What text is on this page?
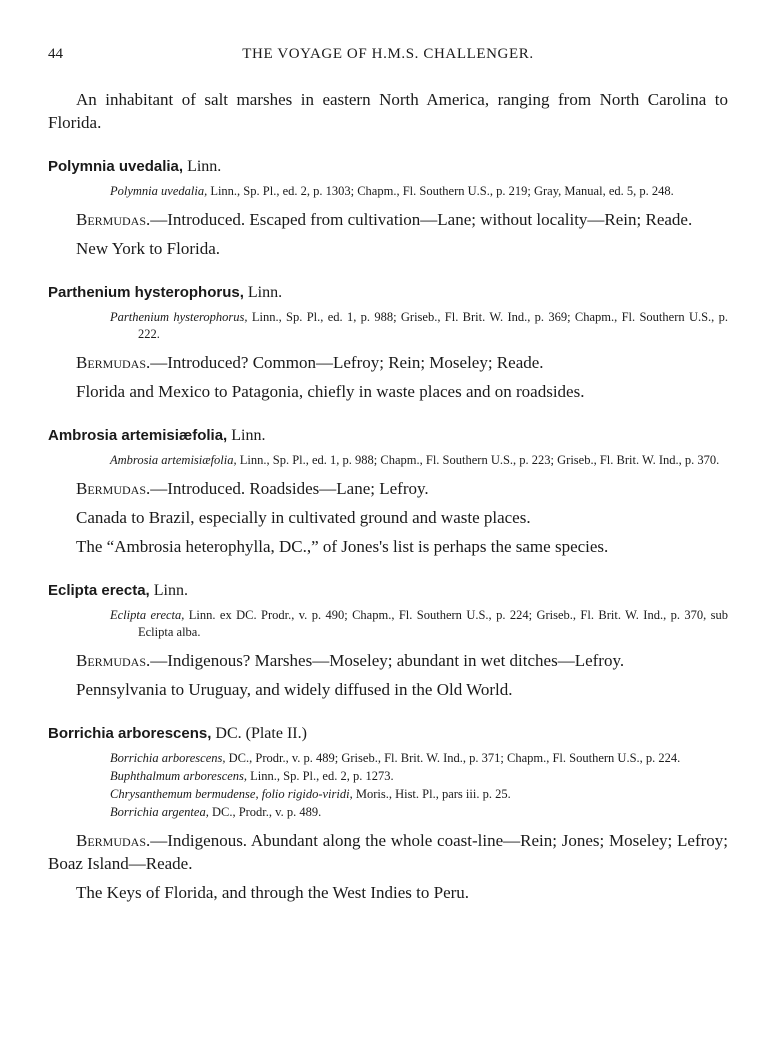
44	THE VOYAGE OF H.M.S. CHALLENGER.

An inhabitant of salt marshes in eastern North America, ranging from North Carolina to Florida.

Polymnia uvedalia, Linn.

Polymnia uvedalia, Linn., Sp. Pl., ed. 2, p. 1303; Chapm., Fl. Southern U.S., p. 219; Gray, Manual, ed. 5, p. 248.

Bermudas.—Introduced. Escaped from cultivation—Lane; without locality—Rein; Reade.

New York to Florida.

Parthenium hysterophorus, Linn.

Parthenium hysterophorus, Linn., Sp. Pl., ed. 1, p. 988; Griseb., Fl. Brit. W. Ind., p. 369; Chapm., Fl. Southern U.S., p. 222.

Bermudas.—Introduced? Common—Lefroy; Rein; Moseley; Reade.

Florida and Mexico to Patagonia, chiefly in waste places and on roadsides.

Ambrosia artemisiæfolia, Linn.

Ambrosia artemisiæfolia, Linn., Sp. Pl., ed. 1, p. 988; Chapm., Fl. Southern U.S., p. 223; Griseb., Fl. Brit. W. Ind., p. 370.

Bermudas.—Introduced. Roadsides—Lane; Lefroy.

Canada to Brazil, especially in cultivated ground and waste places.

The “Ambrosia heterophylla, DC.,” of Jones's list is perhaps the same species.

Eclipta erecta, Linn.

Eclipta erecta, Linn. ex DC. Prodr., v. p. 490; Chapm., Fl. Southern U.S., p. 224; Griseb., Fl. Brit. W. Ind., p. 370, sub Eclipta alba.

Bermudas.—Indigenous? Marshes—Moseley; abundant in wet ditches—Lefroy.

Pennsylvania to Uruguay, and widely diffused in the Old World.

Borrichia arborescens, DC. (Plate II.)

Borrichia arborescens, DC., Prodr., v. p. 489; Griseb., Fl. Brit. W. Ind., p. 371; Chapm., Fl. Southern U.S., p. 224.

Buphthalmum arborescens, Linn., Sp. Pl., ed. 2, p. 1273.

Chrysanthemum bermudense, folio rigido-viridi, Moris., Hist. Pl., pars iii. p. 25.

Borrichia argentea, DC., Prodr., v. p. 489.

Bermudas.—Indigenous. Abundant along the whole coast-line—Rein; Jones; Moseley; Lefroy; Boaz Island—Reade.

The Keys of Florida, and through the West Indies to Peru.
